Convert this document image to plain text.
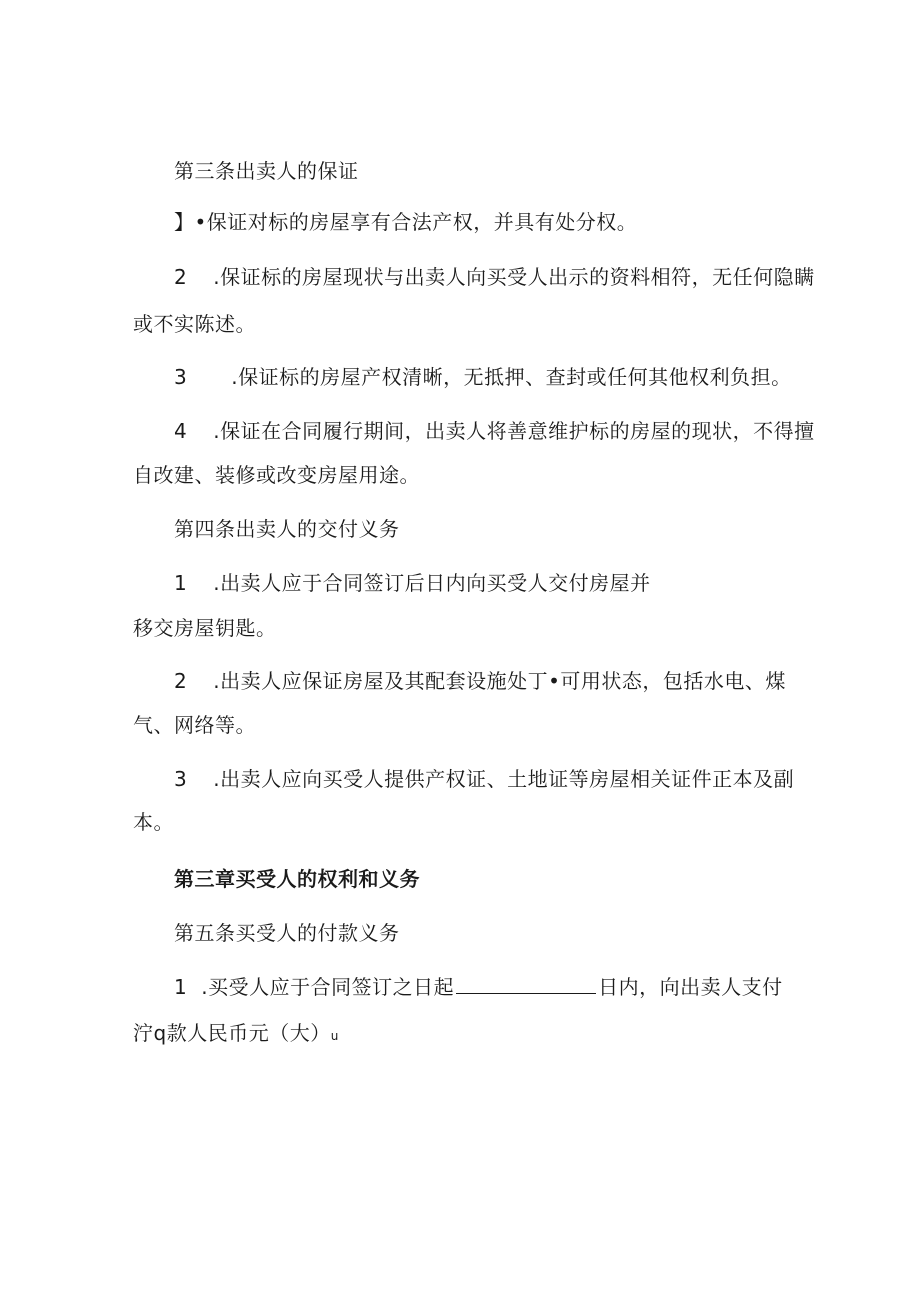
第三条出卖人的保证
】•保证对标的房屋享有合法产权，并具有处分权。
2 .保证标的房屋现状与出卖人向买受人出示的资料相符，无任何隐瞒
或不实陈述。
3 .保证标的房屋产权清晰，无抵押、查封或任何其他权利负担。
4 .保证在合同履行期间，出卖人将善意维护标的房屋的现状，不得擅
自改建、装修或改变房屋用途。
第四条出卖人的交付义务
1 .出卖人应于合同签订后日内向买受人交付房屋并
移交房屋钥匙。
2 .出卖人应保证房屋及其配套设施处丁•可用状态，包括水电、煤
气、网络等。
3 .出卖人应向买受人提供产权证、土地证等房屋相关证件正本及副
本。
第三章买受人的权利和义务
第五条买受人的付款义务
1 .买受人应于合同签订之日起	日内，向出卖人支付
泞q款人民币元（大）u
